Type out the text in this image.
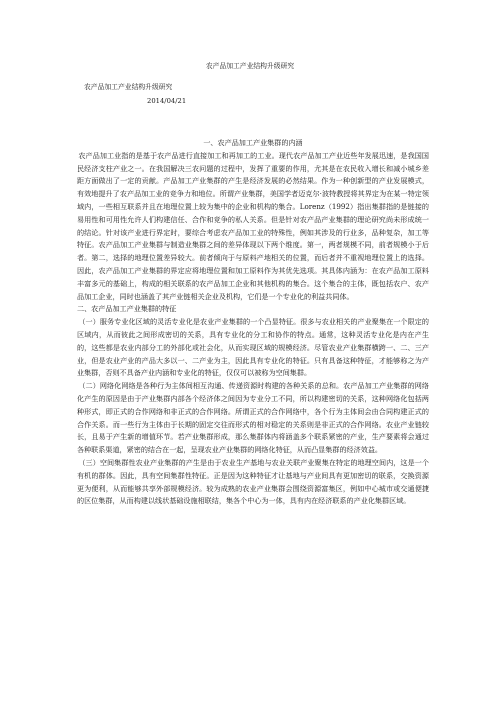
农产品加工产业结构升级研究
农产品加工产业结构升级研究
2014/04/21

一、农产品加工产业集群的内涵

农产品加工业指的是基于农产品进行直接加工和再加工的工业。现代农产品加工产业近些年发展迅速，是我国国民经济支柱产业之一。在我国解决三农问题的过程中，发挥了重要的作用，尤其是在农民收入增长和减小城乡差距方面做出了一定的贡献。产品加工产业集群的产生是经济发展的必然结果。作为一种创新型的产业发展模式，有效地提升了农产品加工业的竞争力和地位。所谓产业集群，美国学者迈克尔·波特教授将其界定为在某一特定领域内，一些相互联系并且在地理位置上较为集中的企业和机构的集合。Lorenz（1992）指出集群指的是链接的易用性和可用性允许人们构建信任、合作和竞争的私人关系。但是针对农产品产业集群的理论研究尚未形成统一的结论。针对该产业进行界定时，要综合考虑农产品加工业的特殊性，例如其涉及的行业多，品种复杂，加工等特征。农产品加工产业集群与制造业集群之间的差异体现以下两个维度。第一，两者规模不同，前者规模小于后者。第二，选择的地理位置差异较大。前者倾向于与原料产地相关的位置，而后者并不重视地理位置上的选择。因此，农产品加工产业集群的界定应将地理位置和加工原料作为其优先选项。其具体内涵为：在农产品加工原料丰富多元的基础上，构成的相关联系的农产品加工企业和其他机构的集合。这个集合的主体，既包括农户、农产品加工企业，同时也涵盖了其产业链相关企业及机构，它们是一个专业化的利益共同体。

二、农产品加工产业集群的特征

（一）服务专业化区域的灵活专业化是农业产业集群的一个凸显特征。很多与农业相关的产业聚集在一个限定的区域内，从而彼此之间形成密切的关系，具有专业化的分工和协作的特点。通常，这种灵活专业化是内在产生的，这些都是农业内部分工的外部化或社会化，从而实现区域的规模经济。尽管农业产业集群横跨一、二、三产业，但是农业产业的产品大多以一、二产业为主，因此具有专业化的特征。只有具备这种特征，才能够称之为产业集群，否则不具备产业内涵和专业化的特征，仅仅可以被称为空间集群。

（二）网络化网络是各种行为主体间相互沟通、传递资源时构建的各种关系的总和。农产品加工产业集群的网络化产生的原因是由于产业集群内部各个经济体之间因为专业分工不同，所以构建密切的关系，这种网络化包括两种形式，即正式的合作网络和非正式的合作网络。所谓正式的合作网络中，各个行为主体间会由合同构建正式的合作关系。而一些行为主体由于长期的固定交往而形式的相对稳定的关系则是非正式的合作网络。农业产业链较长，且易于产生新的增值环节。若产业集群形成，那么集群体内将涵盖多个联系紧密的产业，生产要素将会通过各种联系渠道，紧密的结合在一起，呈现农业产业集群的网络化特征，从而凸显集群的经济效益。

（三）空间集群性农业产业集群的产生是由于农业生产基地与农业关联产业聚集在特定的地理空间内，这是一个有机的群体。因此，具有空间集群性特征。正是因为这种特征才让基地与产业间具有更加密切的联系，交换资源更为便利，从而能够共享外部规模经济。较为成熟的农业产业集群会围绕资源富集区，例如中心城市或交通便捷的区位集群，从而构建以线状基础设施相联结，集各个中心为一体，具有内在经济联系的产业化集群区域。
